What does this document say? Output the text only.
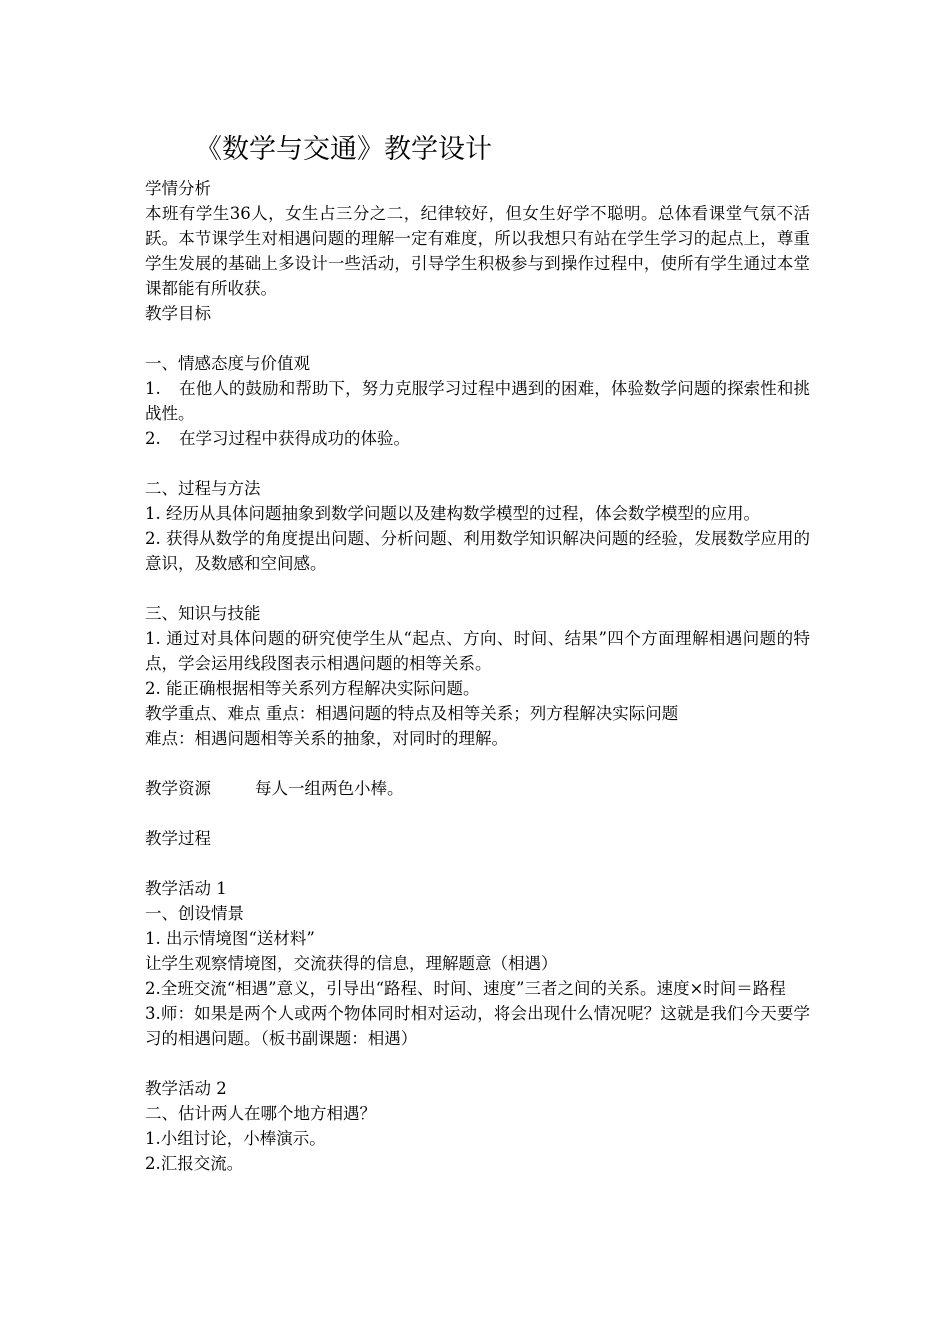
《数学与交通》教学设计

学情分析

本班有学生36人，女生占三分之二，纪律较好，但女生好学不聪明。总体看课堂气氛不活跃。本节课学生对相遇问题的理解一定有难度，所以我想只有站在学生学习的起点上，尊重学生发展的基础上多设计一些活动，引导学生积极参与到操作过程中，使所有学生通过本堂课都能有所收获。

教学目标

一、情感态度与价值观

1. 在他人的鼓励和帮助下，努力克服学习过程中遇到的困难，体验数学问题的探索性和挑战性。

2. 在学习过程中获得成功的体验。

二、过程与方法

1. 经历从具体问题抽象到数学问题以及建构数学模型的过程，体会数学模型的应用。

2. 获得从数学的角度提出问题、分析问题、利用数学知识解决问题的经验，发展数学应用的意识，及数感和空间感。

三、知识与技能

1. 通过对具体问题的研究使学生从“起点、方向、时间、结果”四个方面理解相遇问题的特点，学会运用线段图表示相遇问题的相等关系。

2. 能正确根据相等关系列方程解决实际问题。

教学重点、难点 重点：相遇问题的特点及相等关系；列方程解决实际问题

难点：相遇问题相等关系的抽象，对同时的理解。

教学资源	每人一组两色小棒。

教学过程

教学活动 1

一、创设情景

1. 出示情境图“送材料”

让学生观察情境图，交流获得的信息，理解题意（相遇）

2.全班交流“相遇”意义，引导出“路程、时间、速度”三者之间的关系。速度×时间＝路程

3.师：如果是两个人或两个物体同时相对运动，将会出现什么情况呢？这就是我们今天要学习的相遇问题。（板书副课题：相遇）

教学活动 2

二、估计两人在哪个地方相遇？

1.小组讨论，小棒演示。

2.汇报交流。
